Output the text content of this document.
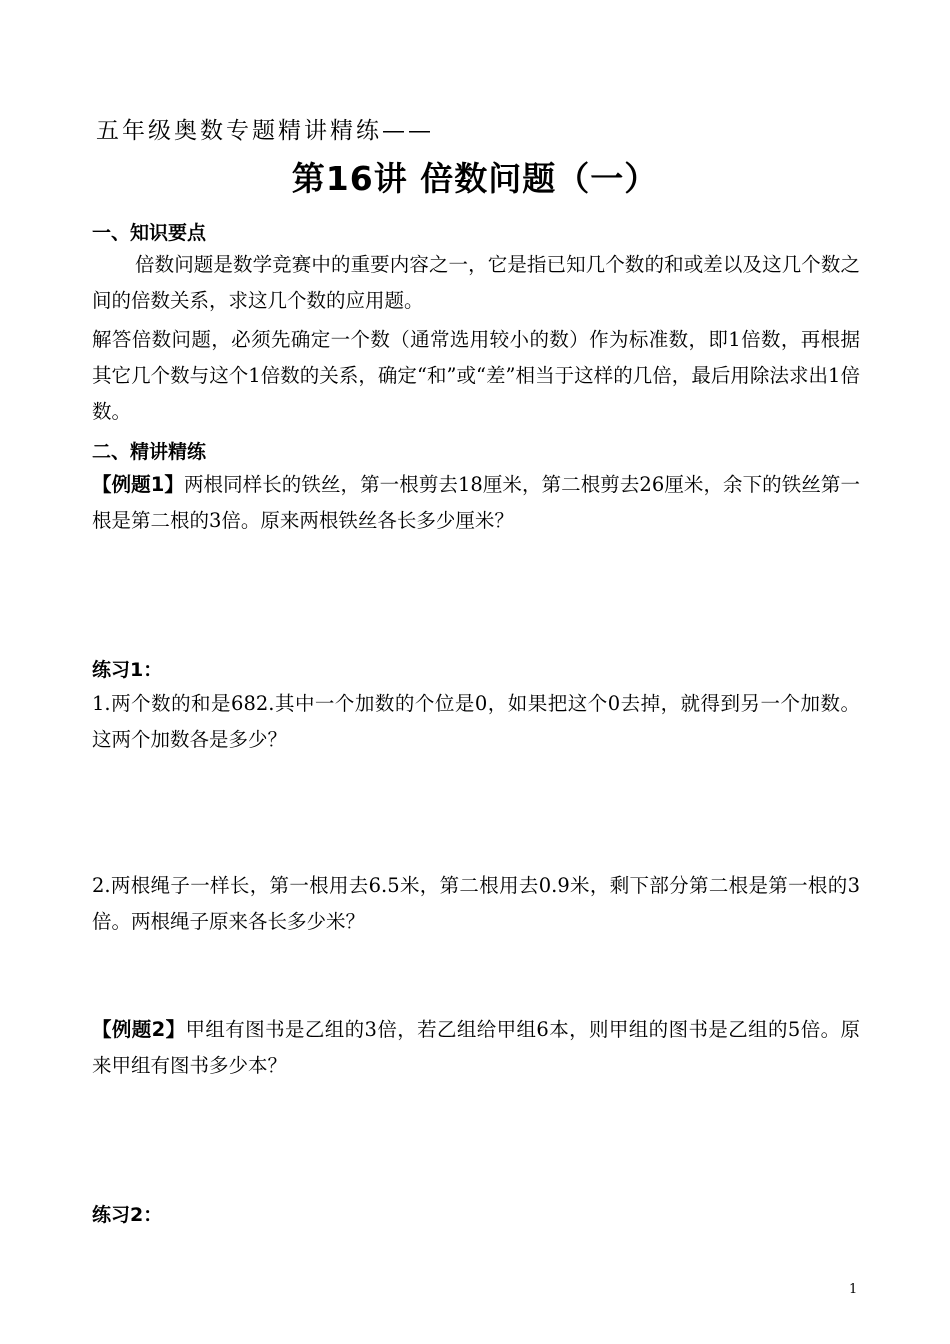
五年级奥数专题精讲精练——
第16讲 倍数问题（一）
一、知识要点
倍数问题是数学竞赛中的重要内容之一，它是指已知几个数的和或差以及这几个数之间的倍数关系，求这几个数的应用题。
解答倍数问题，必须先确定一个数（通常选用较小的数）作为标准数，即1倍数，再根据其它几个数与这个1倍数的关系，确定“和”或“差”相当于这样的几倍，最后用除法求出1倍数。
二、精讲精练
【例题1】两根同样长的铁丝，第一根剪去18厘米，第二根剪去26厘米，余下的铁丝第一根是第二根的3倍。原来两根铁丝各长多少厘米？
练习1：
1.两个数的和是682.其中一个加数的个位是0，如果把这个0去掉，就得到另一个加数。这两个加数各是多少？
2.两根绳子一样长，第一根用去6.5米，第二根用去0.9米，剩下部分第二根是第一根的3倍。两根绳子原来各长多少米？
【例题2】甲组有图书是乙组的3倍，若乙组给甲组6本，则甲组的图书是乙组的5倍。原来甲组有图书多少本？
练习2：
1
